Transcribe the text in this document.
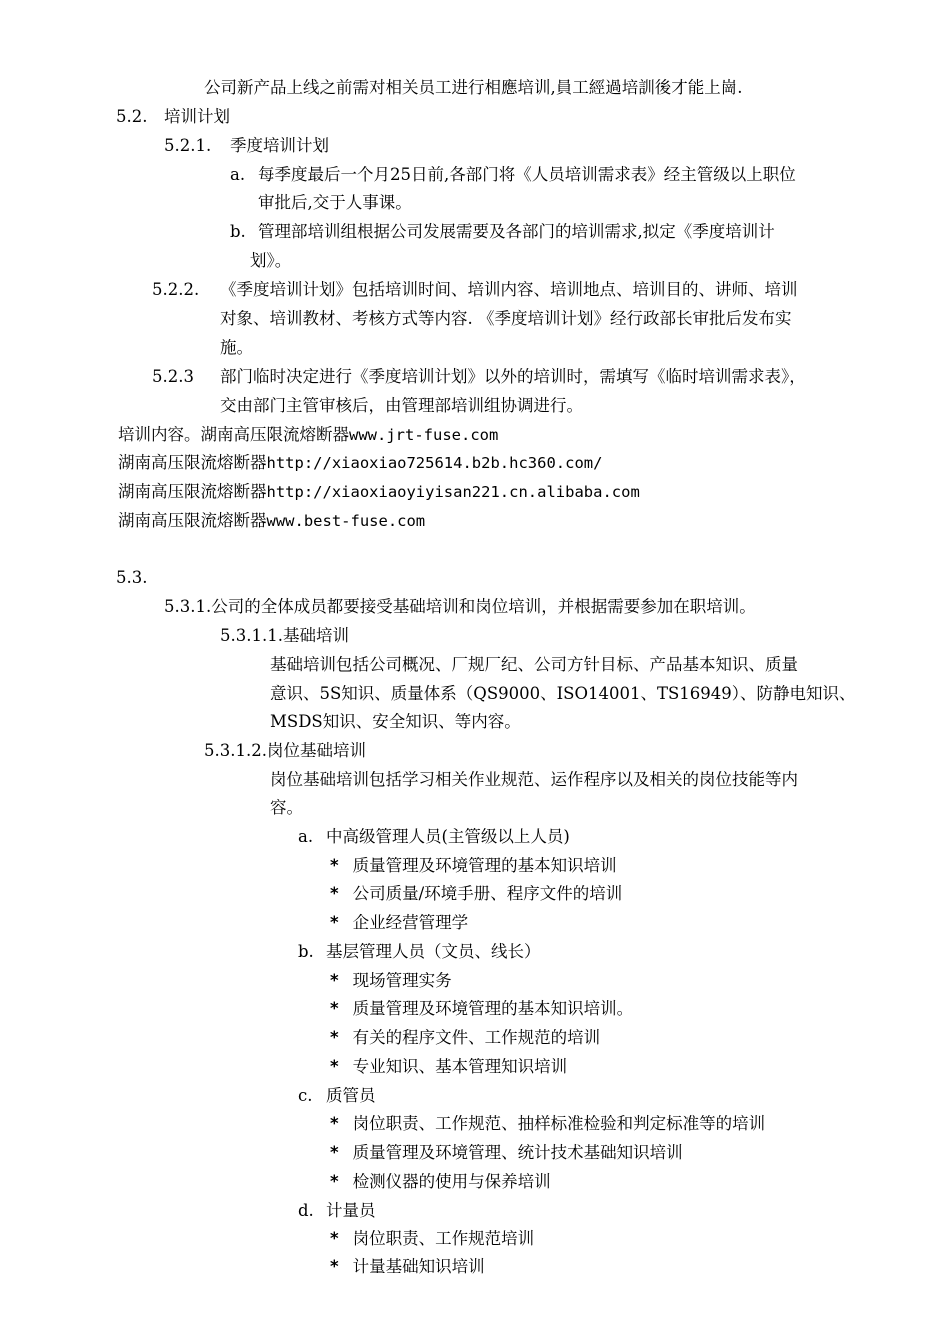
公司新产品上线之前需对相关员工进行相應培训,員工經過培訓後才能上崗.
5.2. 培训计划
5.2.1. 季度培训计划
a. 每季度最后一个月25日前,各部门将《人员培训需求表》经主管级以上职位
审批后,交于人事课。
b. 管理部培训组根据公司发展需要及各部门的培训需求,拟定《季度培训计
划》。
5.2.2. 《季度培训计划》包括培训时间、培训内容、培训地点、培训目的、讲师、培训
对象、培训教材、考核方式等内容. 《季度培训计划》经行政部长审批后发布实
施。
5.2.3 部门临时决定进行《季度培训计划》以外的培训时，需填写《临时培训需求表》，
交由部门主管审核后，由管理部培训组协调进行。
培训内容。湖南高压限流熔断器www.jrt-fuse.com
湖南高压限流熔断器http://xiaoxiao725614.b2b.hc360.com/
湖南高压限流熔断器http://xiaoxiaoyiyisan221.cn.alibaba.com
湖南高压限流熔断器www.best-fuse.com
5.3.
5.3.1.公司的全体成员都要接受基础培训和岗位培训，并根据需要参加在职培训。
5.3.1.1.基础培训
基础培训包括公司概况、厂规厂纪、公司方针目标、产品基本知识、质量
意识、5S知识、质量体系（QS9000、ISO14001、TS16949）、防静电知识、
MSDS知识、安全知识、等内容。
5.3.1.2.岗位基础培训
岗位基础培训包括学习相关作业规范、运作程序以及相关的岗位技能等内
容。
a. 中高级管理人员(主管级以上人员)
* 质量管理及环境管理的基本知识培训
* 公司质量/环境手册、程序文件的培训
* 企业经营管理学
b. 基层管理人员（文员、线长）
* 现场管理实务
* 质量管理及环境管理的基本知识培训。
* 有关的程序文件、工作规范的培训
* 专业知识、基本管理知识培训
c. 质管员
* 岗位职责、工作规范、抽样标准检验和判定标准等的培训
* 质量管理及环境管理、统计技术基础知识培训
* 检测仪器的使用与保养培训
d. 计量员
* 岗位职责、工作规范培训
* 计量基础知识培训
